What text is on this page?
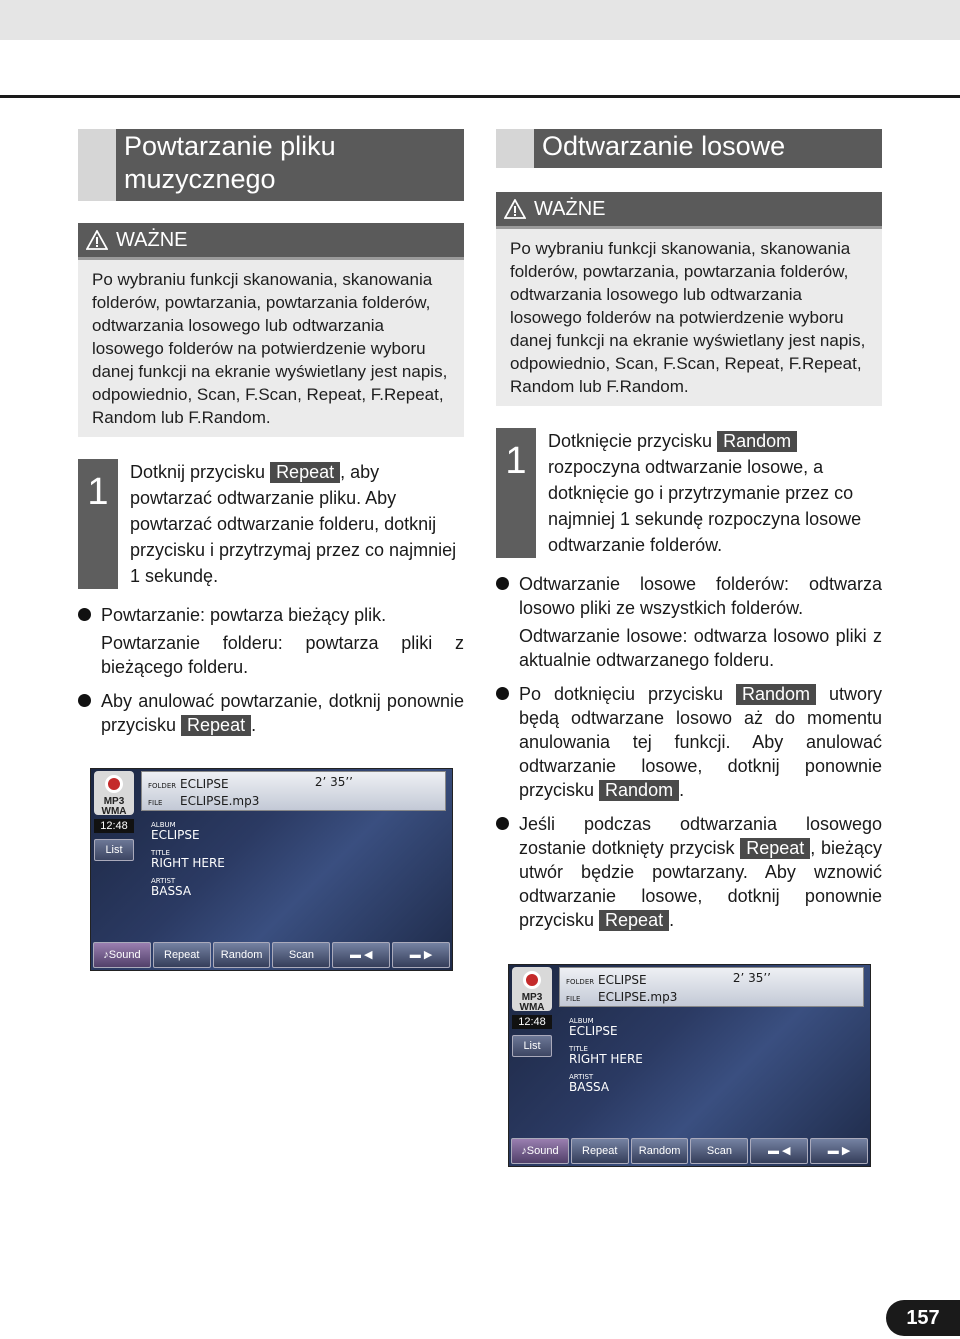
Powtarzanie pliku muzycznego
WAŻNE
Po wybraniu funkcji skanowania, skanowania folderów, powtarzania, powtarzania folderów, odtwarzania losowego lub odtwarzania losowego folderów na potwierdzenie wyboru danej funkcji na ekranie wyświetlany jest napis, odpowiednio, Scan, F.Scan, Repeat, F.Repeat, Random lub F.Random.
1	Dotknij przycisku Repeat , aby powtarzać odtwarzanie pliku. Aby powtarzać odtwarzanie folderu, dotknij przycisku i przytrzymaj przez co najmniej 1 sekundę.

Powtarzanie: powtarza bieżący plik.

Powtarzanie folderu: powtarza pliki z bieżącego folderu.

Aby anulować powtarzanie, dotknij ponownie przycisku Repeat .

MP3 WMA
FOLDER ECLIPSE
FILE ECLIPSE.mp3
2’ 35’’
12:48
List
ALBUM
ECLIPSE
TITLE
RIGHT HERE
ARTIST
BASSA
♪Sound	Repeat	Random	Scan	▬ ◀	▬ ▶
Odtwarzanie losowe
WAŻNE
Po wybraniu funkcji skanowania, skanowania folderów, powtarzania, powtarzania folderów, odtwarzania losowego lub odtwarzania losowego folderów na potwierdzenie wyboru danej funkcji na ekranie wyświetlany jest napis, odpowiednio, Scan, F.Scan, Repeat, F.Repeat, Random lub F.Random.
1	Dotknięcie przycisku Random rozpoczyna odtwarzanie losowe, a dotknięcie go i przytrzymanie przez co najmniej 1 sekundę rozpoczyna losowe odtwarzanie folderów.

Odtwarzanie losowe folderów: odtwarza losowo pliki ze wszystkich folderów.

Odtwarzanie losowe: odtwarza losowo pliki z aktualnie odtwarzanego folderu.

Po dotknięciu przycisku Random utwory będą odtwarzane losowo aż do momentu anulowania tej funkcji. Aby anulować odtwarzanie losowe, dotknij ponownie przycisku Random .

Jeśli podczas odtwarzania losowego zostanie dotknięty przycisk Repeat , bieżący utwór będzie powtarzany. Aby wznowić odtwarzanie losowe, dotknij ponownie przycisku Repeat .

MP3 WMA
FOLDER ECLIPSE
FILE ECLIPSE.mp3
2’ 35’’
12:48
List
ALBUM
ECLIPSE
TITLE
RIGHT HERE
ARTIST
BASSA
♪Sound	Repeat	Random	Scan	▬ ◀	▬ ▶
157
